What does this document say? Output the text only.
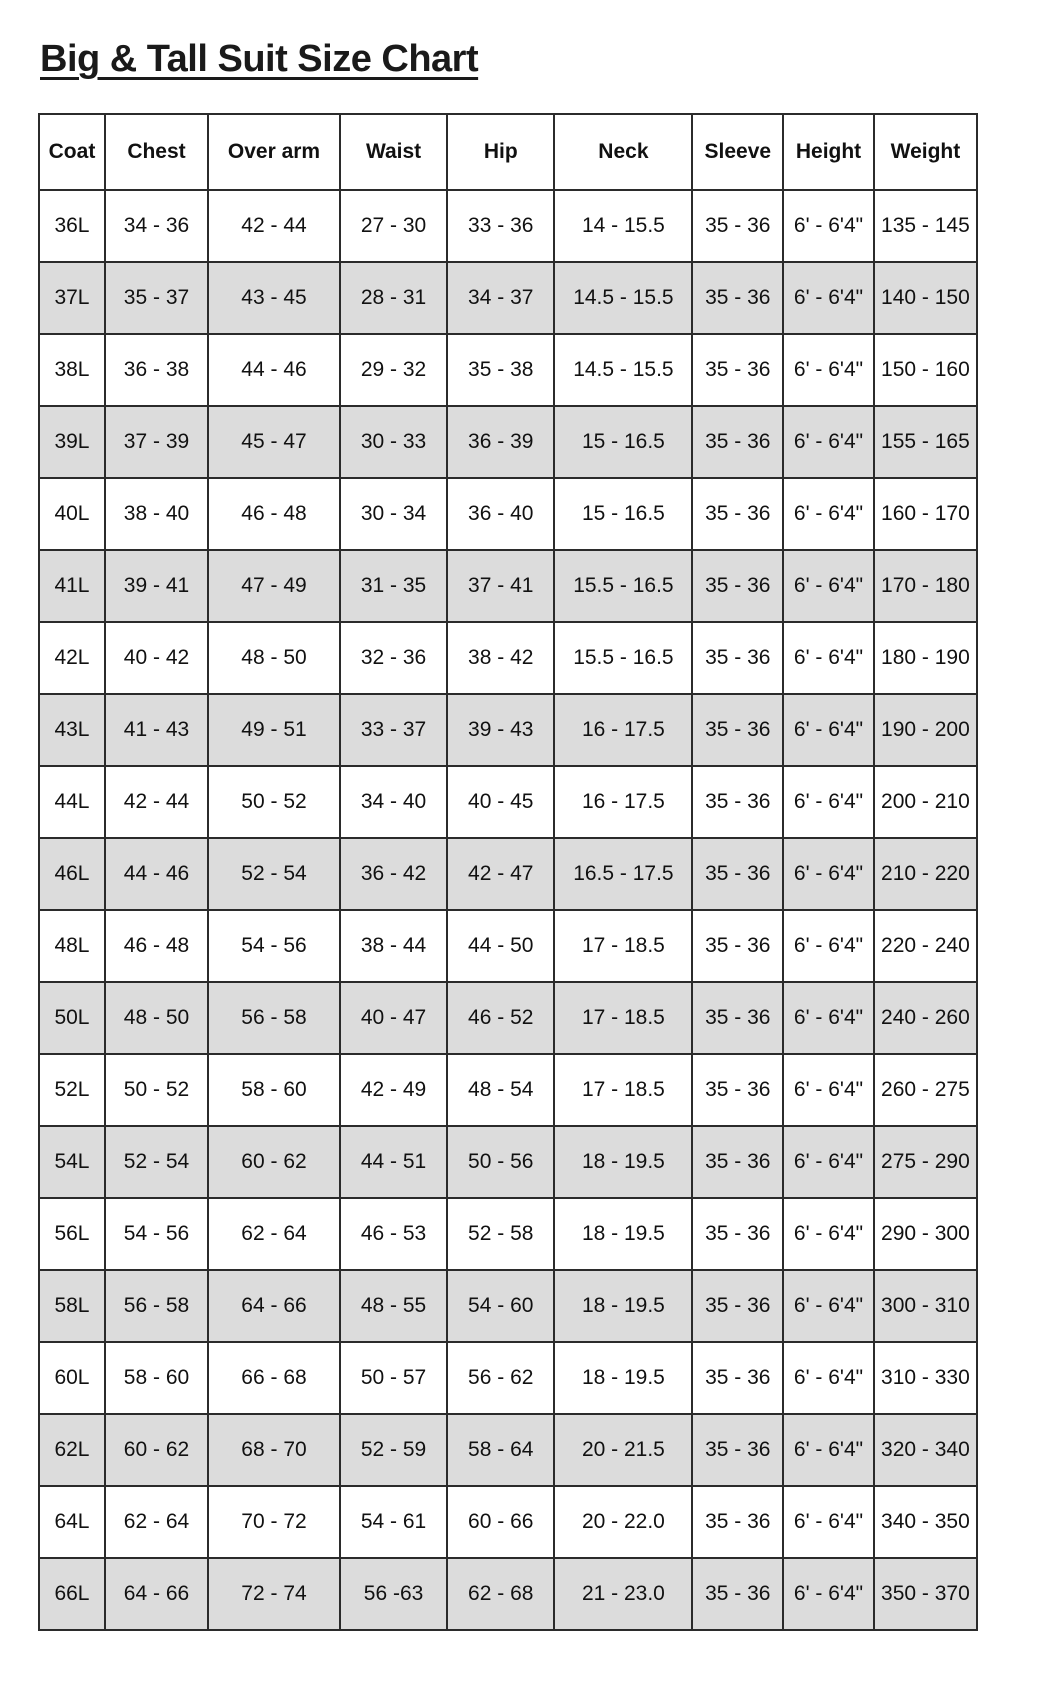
Big & Tall Suit Size Chart
Coat	Chest	Over arm	Waist	Hip	Neck	Sleeve	Height	Weight
36L	34 - 36	42 - 44	27 - 30	33 - 36	14 - 15.5	35 - 36	6' - 6'4"	135 - 145
37L	35 - 37	43 - 45	28 - 31	34 - 37	14.5 - 15.5	35 - 36	6' - 6'4"	140 - 150
38L	36 - 38	44 - 46	29 - 32	35 - 38	14.5 - 15.5	35 - 36	6' - 6'4"	150 - 160
39L	37 - 39	45 - 47	30 - 33	36 - 39	15 - 16.5	35 - 36	6' - 6'4"	155 - 165
40L	38 - 40	46 - 48	30 - 34	36 - 40	15 - 16.5	35 - 36	6' - 6'4"	160 - 170
41L	39 - 41	47 - 49	31 - 35	37 - 41	15.5 - 16.5	35 - 36	6' - 6'4"	170 - 180
42L	40 - 42	48 - 50	32 - 36	38 - 42	15.5 - 16.5	35 - 36	6' - 6'4"	180 - 190
43L	41 - 43	49 - 51	33 - 37	39 - 43	16 - 17.5	35 - 36	6' - 6'4"	190 - 200
44L	42 - 44	50 - 52	34 - 40	40 - 45	16 - 17.5	35 - 36	6' - 6'4"	200 - 210
46L	44 - 46	52 - 54	36 - 42	42 - 47	16.5 - 17.5	35 - 36	6' - 6'4"	210 - 220
48L	46 - 48	54 - 56	38 - 44	44 - 50	17 - 18.5	35 - 36	6' - 6'4"	220 - 240
50L	48 - 50	56 - 58	40 - 47	46 - 52	17 - 18.5	35 - 36	6' - 6'4"	240 - 260
52L	50 - 52	58 - 60	42 - 49	48 - 54	17 - 18.5	35 - 36	6' - 6'4"	260 - 275
54L	52 - 54	60 - 62	44 - 51	50 - 56	18 - 19.5	35 - 36	6' - 6'4"	275 - 290
56L	54 - 56	62 - 64	46 - 53	52 - 58	18 - 19.5	35 - 36	6' - 6'4"	290 - 300
58L	56 - 58	64 - 66	48 - 55	54 - 60	18 - 19.5	35 - 36	6' - 6'4"	300 - 310
60L	58 - 60	66 - 68	50 - 57	56 - 62	18 - 19.5	35 - 36	6' - 6'4"	310 - 330
62L	60 - 62	68 - 70	52 - 59	58 - 64	20 - 21.5	35 - 36	6' - 6'4"	320 - 340
64L	62 - 64	70 - 72	54 - 61	60 - 66	20 - 22.0	35 - 36	6' - 6'4"	340 - 350
66L	64 - 66	72 - 74	56 -63	62 - 68	21 - 23.0	35 - 36	6' - 6'4"	350 - 370
